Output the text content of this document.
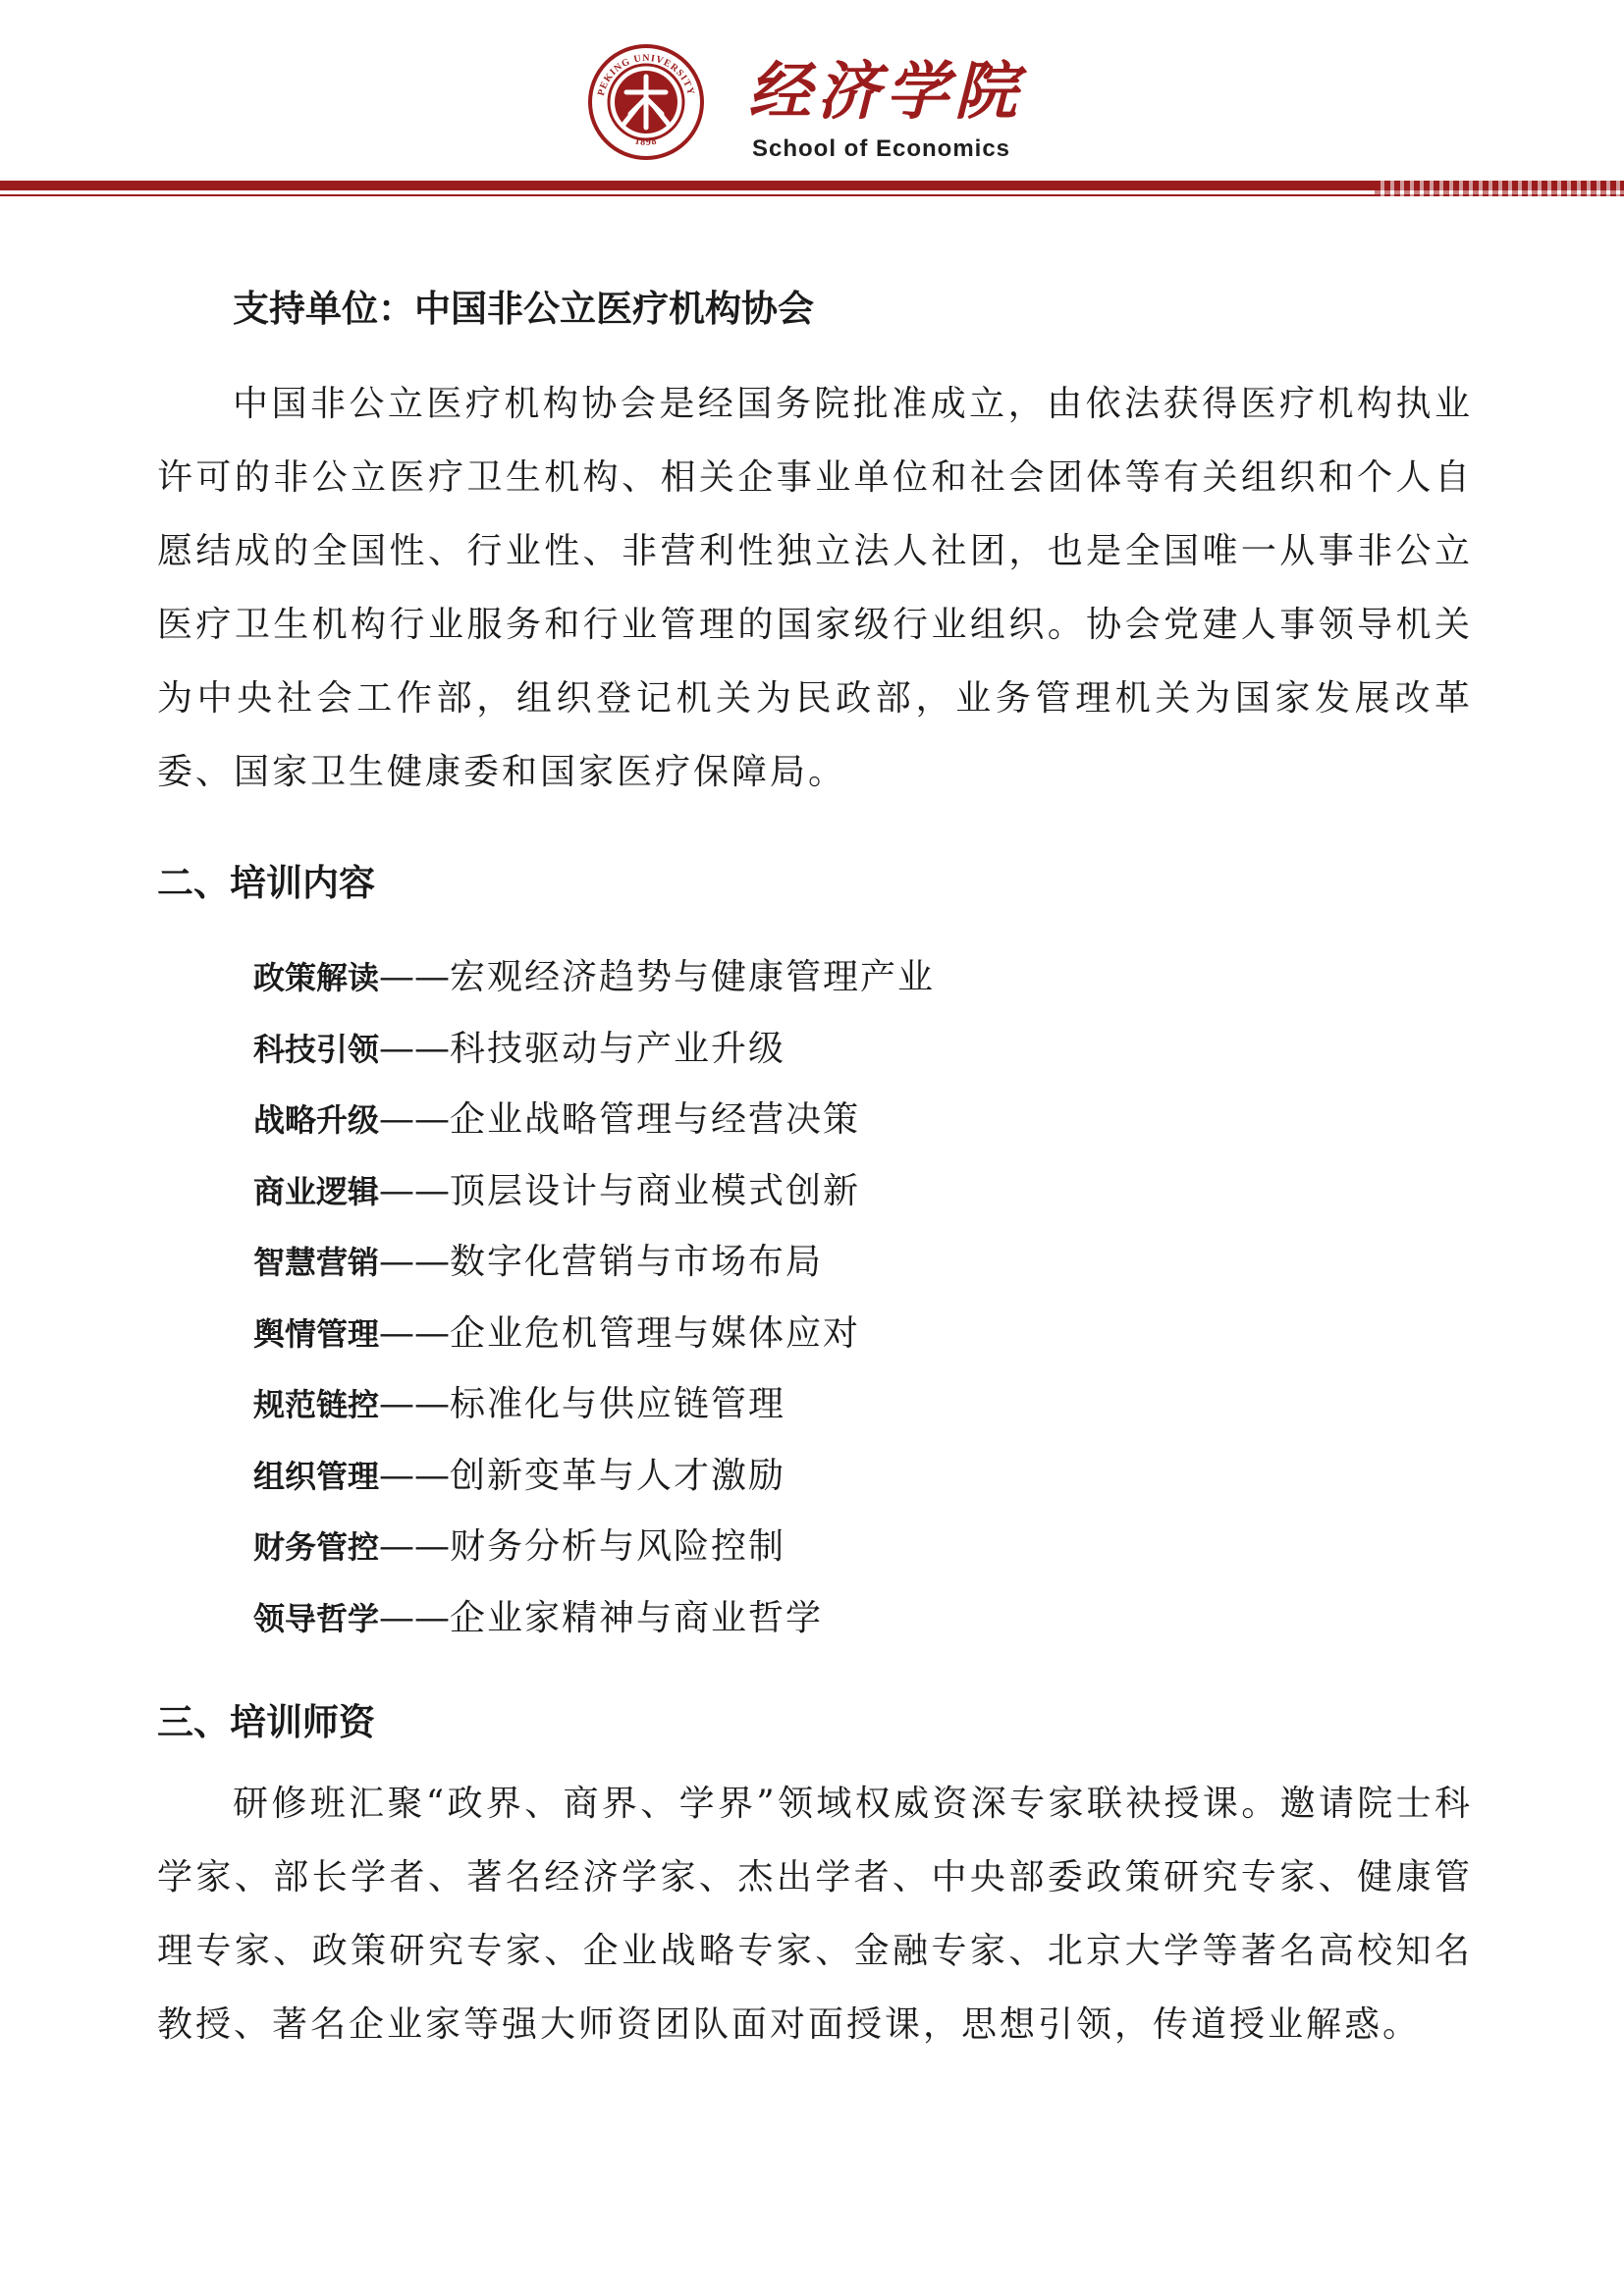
PEKING UNIVERSITY
1898
经济学院
School of Economics
支持单位：中国非公立医疗机构协会
中国非公立医疗机构协会是经国务院批准成立，由依法获得医疗机构执业许可的非公立医疗卫生机构、相关企事业单位和社会团体等有关组织和个人自愿结成的全国性、行业性、非营利性独立法人社团，也是全国唯一从事非公立医疗卫生机构行业服务和行业管理的国家级行业组织。协会党建人事领导机关为中央社会工作部，组织登记机关为民政部，业务管理机关为国家发展改革委、国家卫生健康委和国家医疗保障局。
二、培训内容
政策解读——宏观经济趋势与健康管理产业
科技引领——科技驱动与产业升级
战略升级——企业战略管理与经营决策
商业逻辑——顶层设计与商业模式创新
智慧营销——数字化营销与市场布局
舆情管理——企业危机管理与媒体应对
规范链控——标准化与供应链管理
组织管理——创新变革与人才激励
财务管控——财务分析与风险控制
领导哲学——企业家精神与商业哲学
三、培训师资
研修班汇聚“政界、商界、学界”领域权威资深专家联袂授课。邀请院士科学家、部长学者、著名经济学家、杰出学者、中央部委政策研究专家、健康管理专家、政策研究专家、企业战略专家、金融专家、北京大学等著名高校知名教授、著名企业家等强大师资团队面对面授课，思想引领，传道授业解惑。
